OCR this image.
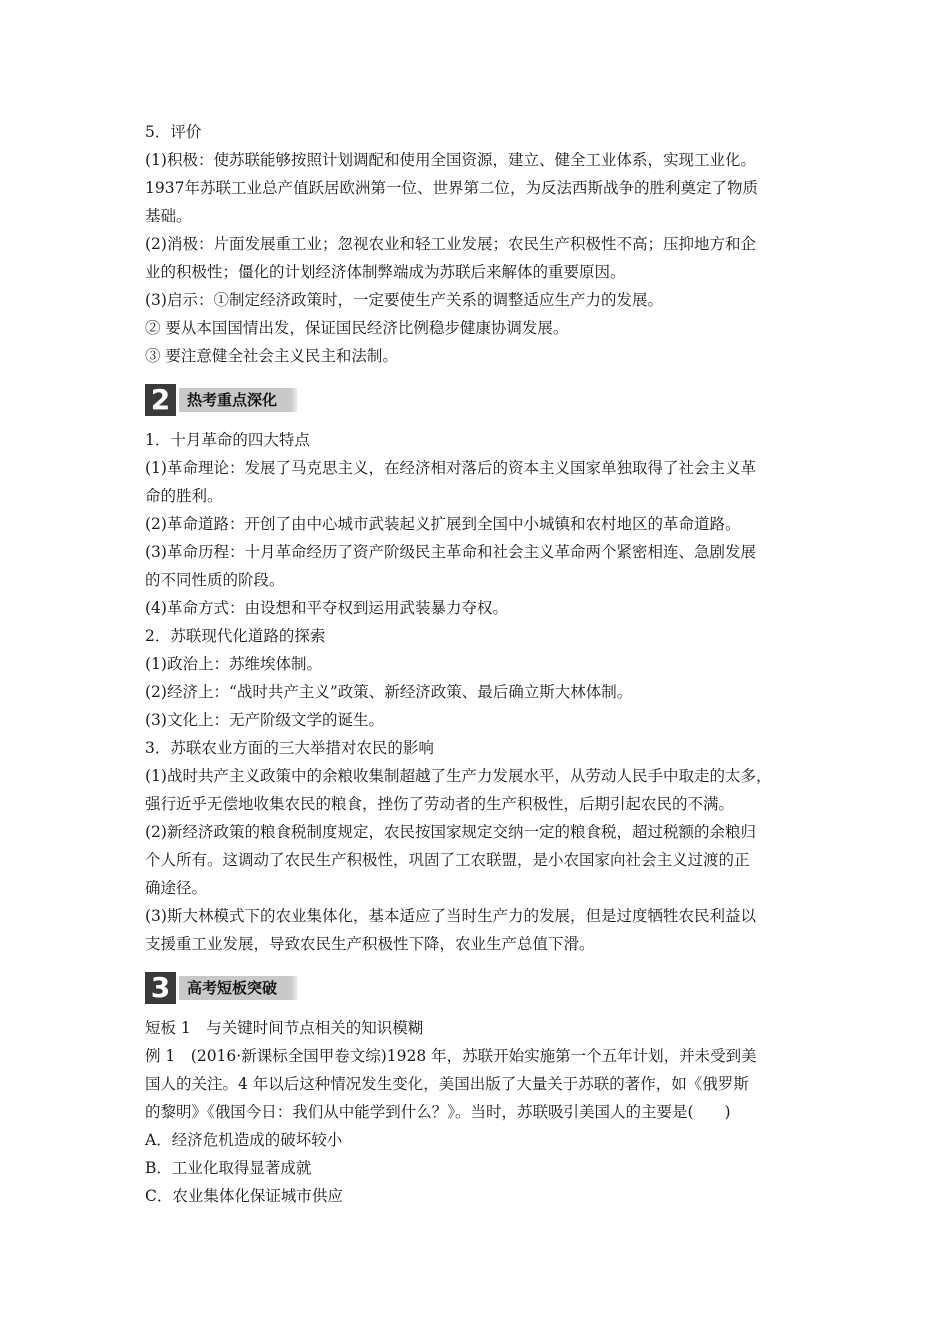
5．评价

(1)积极：使苏联能够按照计划调配和使用全国资源，建立、健全工业体系，实现工业化。

1937年苏联工业总产值跃居欧洲第一位、世界第二位，为反法西斯战争的胜利奠定了物质

基础。

(2)消极：片面发展重工业；忽视农业和轻工业发展；农民生产积极性不高；压抑地方和企

业的积极性；僵化的计划经济体制弊端成为苏联后来解体的重要原因。

(3)启示：①制定经济政策时，一定要使生产关系的调整适应生产力的发展。

② 要从本国国情出发，保证国民经济比例稳步健康协调发展。

③ 要注意健全社会主义民主和法制。

2	热考重点深化

1．十月革命的四大特点

(1)革命理论：发展了马克思主义，在经济相对落后的资本主义国家单独取得了社会主义革

命的胜利。

(2)革命道路：开创了由中心城市武装起义扩展到全国中小城镇和农村地区的革命道路。

(3)革命历程：十月革命经历了资产阶级民主革命和社会主义革命两个紧密相连、急剧发展

的不同性质的阶段。

(4)革命方式：由设想和平夺权到运用武装暴力夺权。

2．苏联现代化道路的探索

(1)政治上：苏维埃体制。

(2)经济上：“战时共产主义”政策、新经济政策、最后确立斯大林体制。

(3)文化上：无产阶级文学的诞生。

3．苏联农业方面的三大举措对农民的影响

(1)战时共产主义政策中的余粮收集制超越了生产力发展水平，从劳动人民手中取走的太多，

强行近乎无偿地收集农民的粮食，挫伤了劳动者的生产积极性，后期引起农民的不满。

(2)新经济政策的粮食税制度规定，农民按国家规定交纳一定的粮食税，超过税额的余粮归

个人所有。这调动了农民生产积极性，巩固了工农联盟，是小农国家向社会主义过渡的正

确途径。

(3)斯大林模式下的农业集体化，基本适应了当时生产力的发展，但是过度牺牲农民利益以

支援重工业发展，导致农民生产积极性下降，农业生产总值下滑。

3	高考短板突破

短板 1　与关键时间节点相关的知识模糊

例 1　(2016·新课标全国甲卷文综)1928 年，苏联开始实施第一个五年计划，并未受到美

国人的关注。4 年以后这种情况发生变化，美国出版了大量关于苏联的著作，如《俄罗斯

的黎明》《俄国今日：我们从中能学到什么？》。当时，苏联吸引美国人的主要是(　　)

A．经济危机造成的破坏较小

B．工业化取得显著成就

C．农业集体化保证城市供应
